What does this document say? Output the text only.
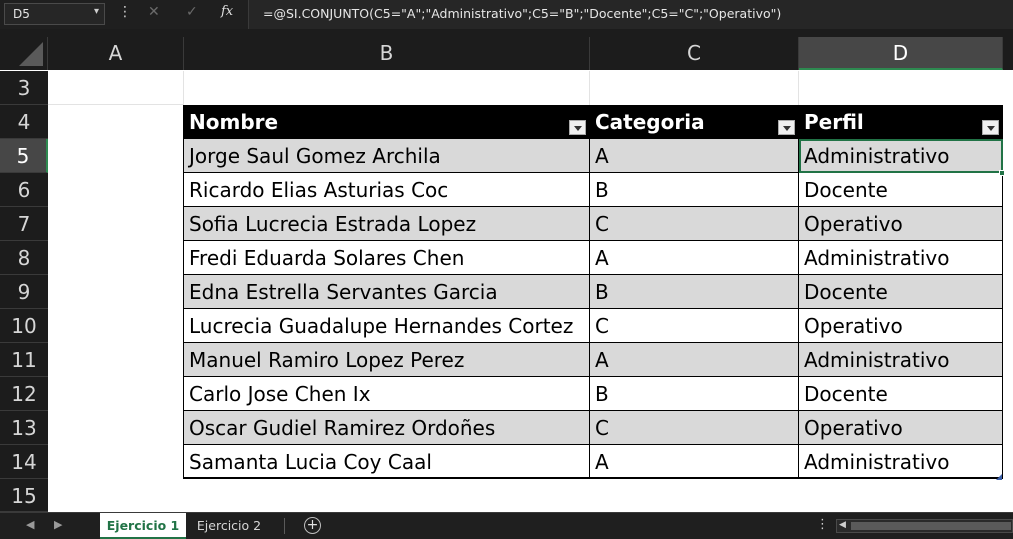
D5	▾ ⋮ ✕ ✓ fx	=@SI.CONJUNTO(C5="A";"Administrativo";C5="B";"Docente";C5="C";"Operativo")
A	B	C	D
3
4
5
6
7
8
9
10
11
12
13
14
15
Nombre	Categoria	Perfil
Jorge Saul Gomez Archila	A	Administrativo
Ricardo Elias Asturias Coc	B	Docente
Sofia Lucrecia Estrada Lopez	C	Operativo
Fredi Eduarda Solares Chen	A	Administrativo
Edna Estrella Servantes Garcia	B	Docente
Lucrecia Guadalupe Hernandes Cortez	C	Operativo
Manuel Ramiro Lopez Perez	A	Administrativo
Carlo Jose Chen Ix	B	Docente
Oscar Gudiel Ramirez Ordoñes	C	Operativo
Samanta Lucia Coy Caal	A	Administrativo
◀ ▶	Ejercicio 1	Ejercicio 2	+	⋮ ◀
